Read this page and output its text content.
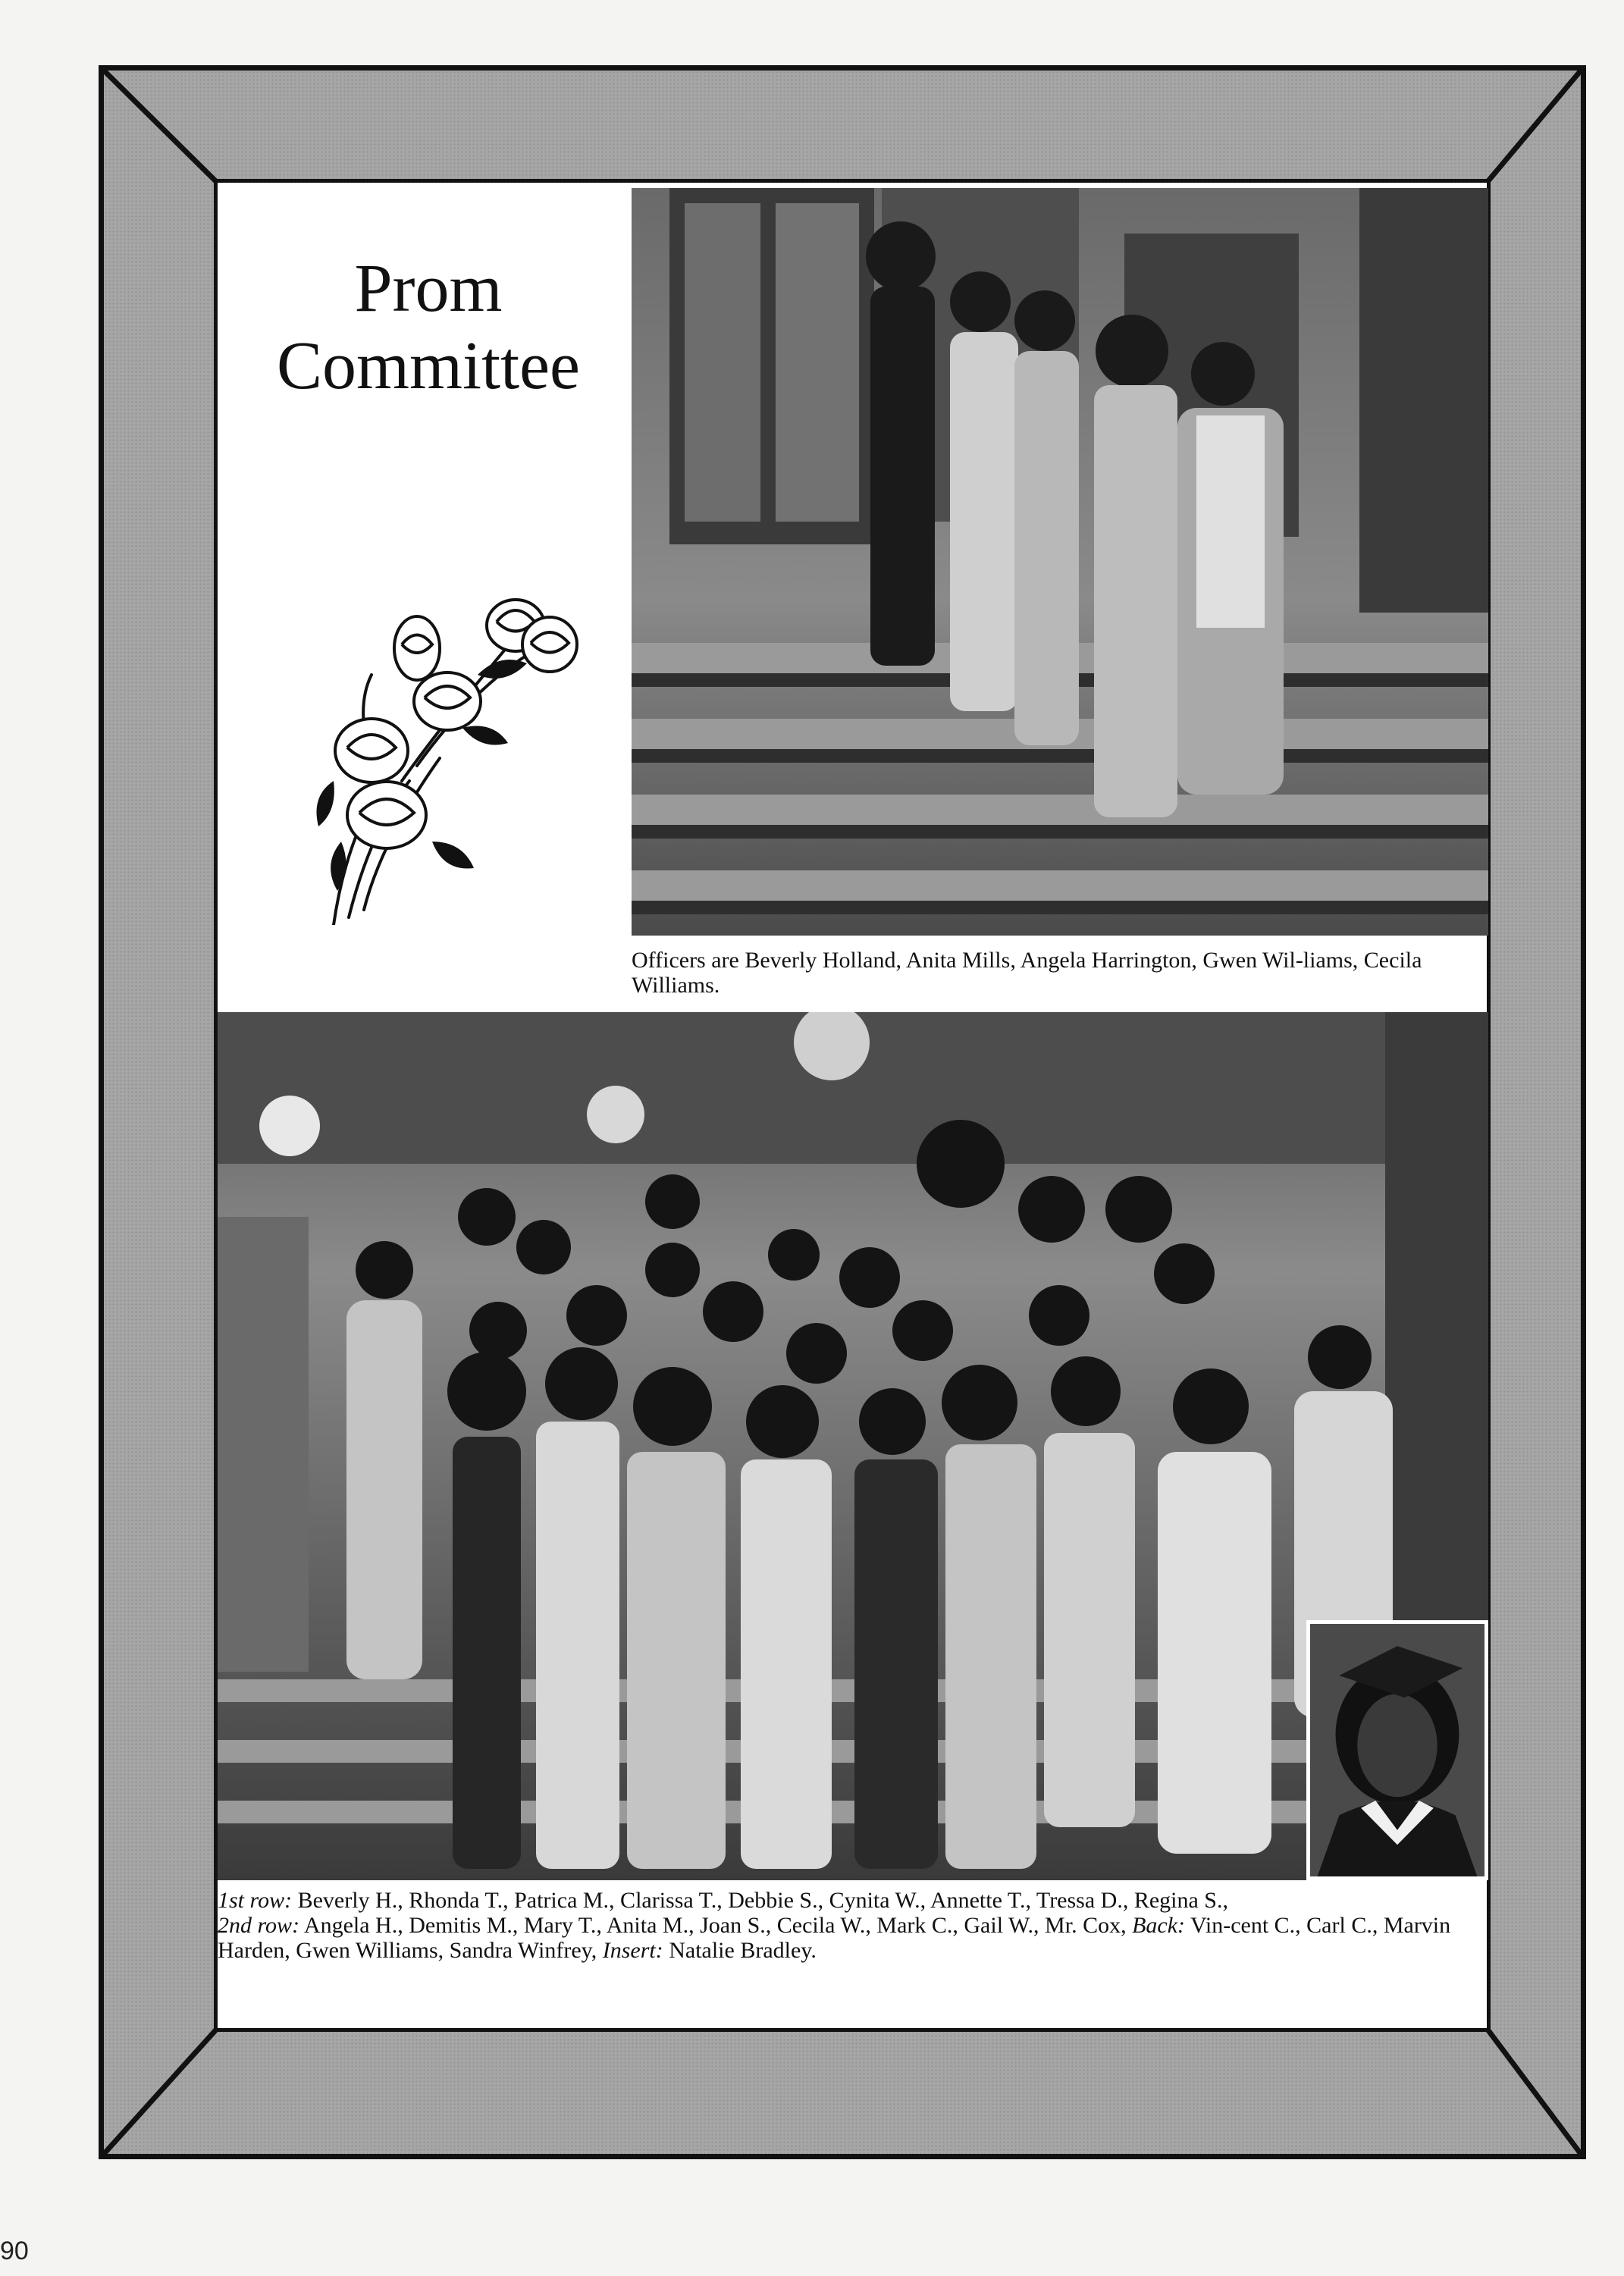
Prom
Committee
Officers are Beverly Holland, Anita Mills, Angela Harrington, Gwen Wil-liams, Cecila Williams.
1st row: Beverly H., Rhonda T., Patrica M., Clarissa T., Debbie S., Cynita W., Annette T., Tressa D., Regina S.,
2nd row: Angela H., Demitis M., Mary T., Anita M., Joan S., Cecila W., Mark C., Gail W., Mr. Cox, Back: Vin-cent C., Carl C., Marvin Harden, Gwen Williams, Sandra Winfrey, Insert: Natalie Bradley.
90
